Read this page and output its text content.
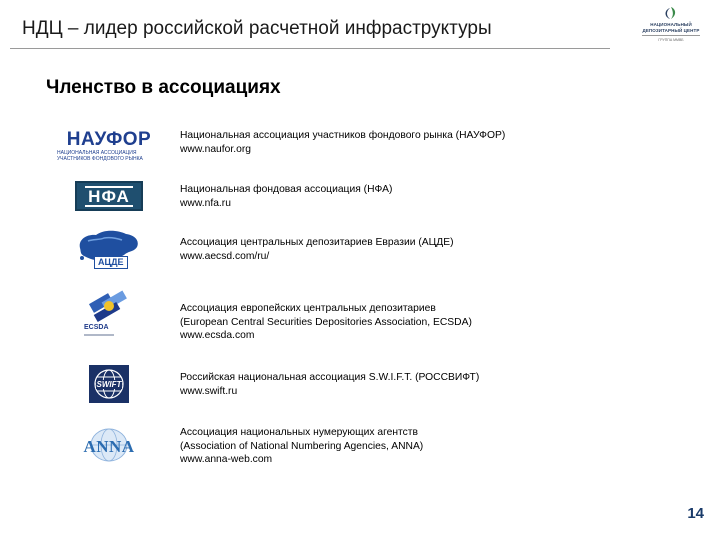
НДЦ – лидер российской расчетной инфраструктуры	НАЦИОНАЛЬНЫЙ
ДЕПОЗИТАРНЫЙ ЦЕНТР
ГРУППА ММВБ
Членство в ассоциациях
НАУФОР
НАЦИОНАЛЬНАЯ АССОЦИАЦИЯ
УЧАСТНИКОВ ФОНДОВОГО РЫНКА
Национальная ассоциация участников фондового рынка (НАУФОР)
www.naufor.org
НФА	Национальная фондовая ассоциация (НФА)
www.nfa.ru
АЦДЕ
Ассоциация центральных депозитариев Евразии (АЦДЕ)
www.aecsd.com/ru/
ECSDA
Ассоциация европейских центральных депозитариев
(European Central Securities Depositories Association, ECSDA)
www.ecsda.com
SWIFT
Российская национальная ассоциация S.W.I.F.T. (РОССВИФТ)
www.swift.ru
ANNA
Ассоциация национальных нумерующих агентств
(Association of National Numbering Agencies, ANNA)
www.anna-web.com
14
